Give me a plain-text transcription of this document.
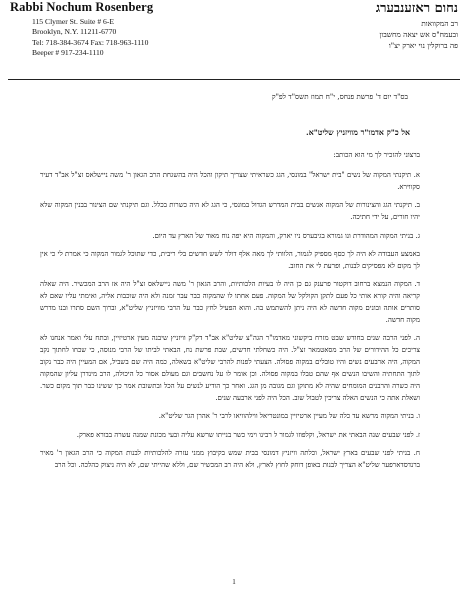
Rabbi Nochum Rosenberg
115 Clymer St. Suite # 6-E
Brooklyn, N.Y. 11211-6770
Tel: 718-384-3674 Fax: 718-963-1110
Beeper # 917-234-1110
נחום ראזענבערג
רב המקוואות
ובעמח"ס אש יצאה מחשבון
פה ברוקלין נוי יארק יצ"ו
בס"ד יום ד' פרשת פנחס, י"ח תמוז תשס"ד לפ"ק
אל כ"ק אדמו"ר מוויזניץ שליט"א.

ברצוני להזכיר לך מי הוא הכותב:

א. תיקנתי המקוה של נשים "בית ישראל" במונסי, הגג כשראיתי שצריך תיקון והכל היה בהשגחת הרב הגאון ר' משה ניישלאס זצ"ל אב"ד דעיר סקווירא.

ב. תיקנתי הגג והצינורות של המקוה אנשים בבית המדרש הגדול במונסי, כי הגג לא היה כשרות בכלל. וגם תיקנתי שם הצינור בבנין המקוה שלא יהיו חורים, על ידי חתיכה.

ג. בניתי המקוה המהודרת ונו גמורא בגיבערס ניו יארק, והמקוה היא יפה נוח מאוד של הארץ עד היום.

באמצע העבודה לא היה לך כסף מספיק לגמור, הלוותי לך מאה אלף דולר לשש חדשים בלי ריבית, כדי שתוכל לגמור המקוה כי אמרת לי כי אין לך מקום לא מפסיקים לבנות, ופרעת לי את החוב.

ד. המקוה הנמצא ברחוב דוקטור פרענק גם כן היה לו בעיות הלכותיות, והרב הגאון ר' משה ניישלאס זצ"ל היה אז הרב המכשיר. היה שאלה קריאה והיה קורא אותי כל פעם לתקן הקולקל של המקוה. פעם אחתו לו שהמקוה כבר עבר זמנה ולא היה שוכבות אליה, ואימתי עליו שאם לא סותרים אותה ובונים מקוה חדשה לא היה ניתן להשתמש בה. והוא הפעיל לחץ כבר על הרבי מוויזניץ שליט"א, וברוך השם סתרו ובנו מדרש מקוה חדשה.

ה. לפני הרבה שנים בחודש שבט מזרח ביקשוני מאדמו"ר הגה"צ שליט"א אב"ד דק"ק וויזניץ שיבנה מעין ארטיזיין, ובתח עלי ואמר אנחנו לא צריכים כל ההידורים של הרב מסאטמאר זצ"ל. היה כשחלתי חדשים, שבת פרשת נח, הבאתי לביתו של הרבי מנוסה, כי שכחו לחתוך נקב המקוה, היה ארבעים נשים והיו טובלים במקוה פסולה. הצעתי לפנות להרבי שליט"א בשאלה, כמה היה שם בשביל, אם המעיין היה כבר נקוב לתוך התחתיה והשיבו הנשים אף שהם טבלו במקוה פסולה. וכן אומר לו על נחשבים וגם מעולם אסור כל היכולה, הרב מינדרן עליון שהמקוה היה כשרה והרבנים המומחים שהיה לא מתוקן וגם מגובה מן הגג. ואחר כך הודיע לנשים על הכל ובתשובת אמר כך ששינו כבר תוך מקום כשר. ושאלת אתה כי הנשים האלה צריכין לטבול שוב. הכל היה לפני ארבעה שנים.

ו. בניתי המקוה מרשא עד כלה של מעיין ארטיזיין במונטריאל ווילהוויאו לרבי ר' אהרן הגר שליט"א.

ז. לפני שבעים שנה הבאתי את ישראל, וקלפוזו לגמור ל רבינו וימי כשר בנייתו שרשא עליה ובעי מכונת שמנה עשרה בבורא פארק.

ח. בניתי לפני שבעים בארץ ישראל, וכלתה וויזניץ דמונסי בבית שמש בקיבוץ ממני עזרה להלכותיות לבנות המקוה כי הרב הגאון ר' מאיר ברנדסדארפער שליט"א הצריך לבנות באופן דוחק לחוץ לארץ, ולא היה רב המכשיר שם, וללא שהייתי שם, לא היה ניצוק כהלכה. וכל הרב

1
